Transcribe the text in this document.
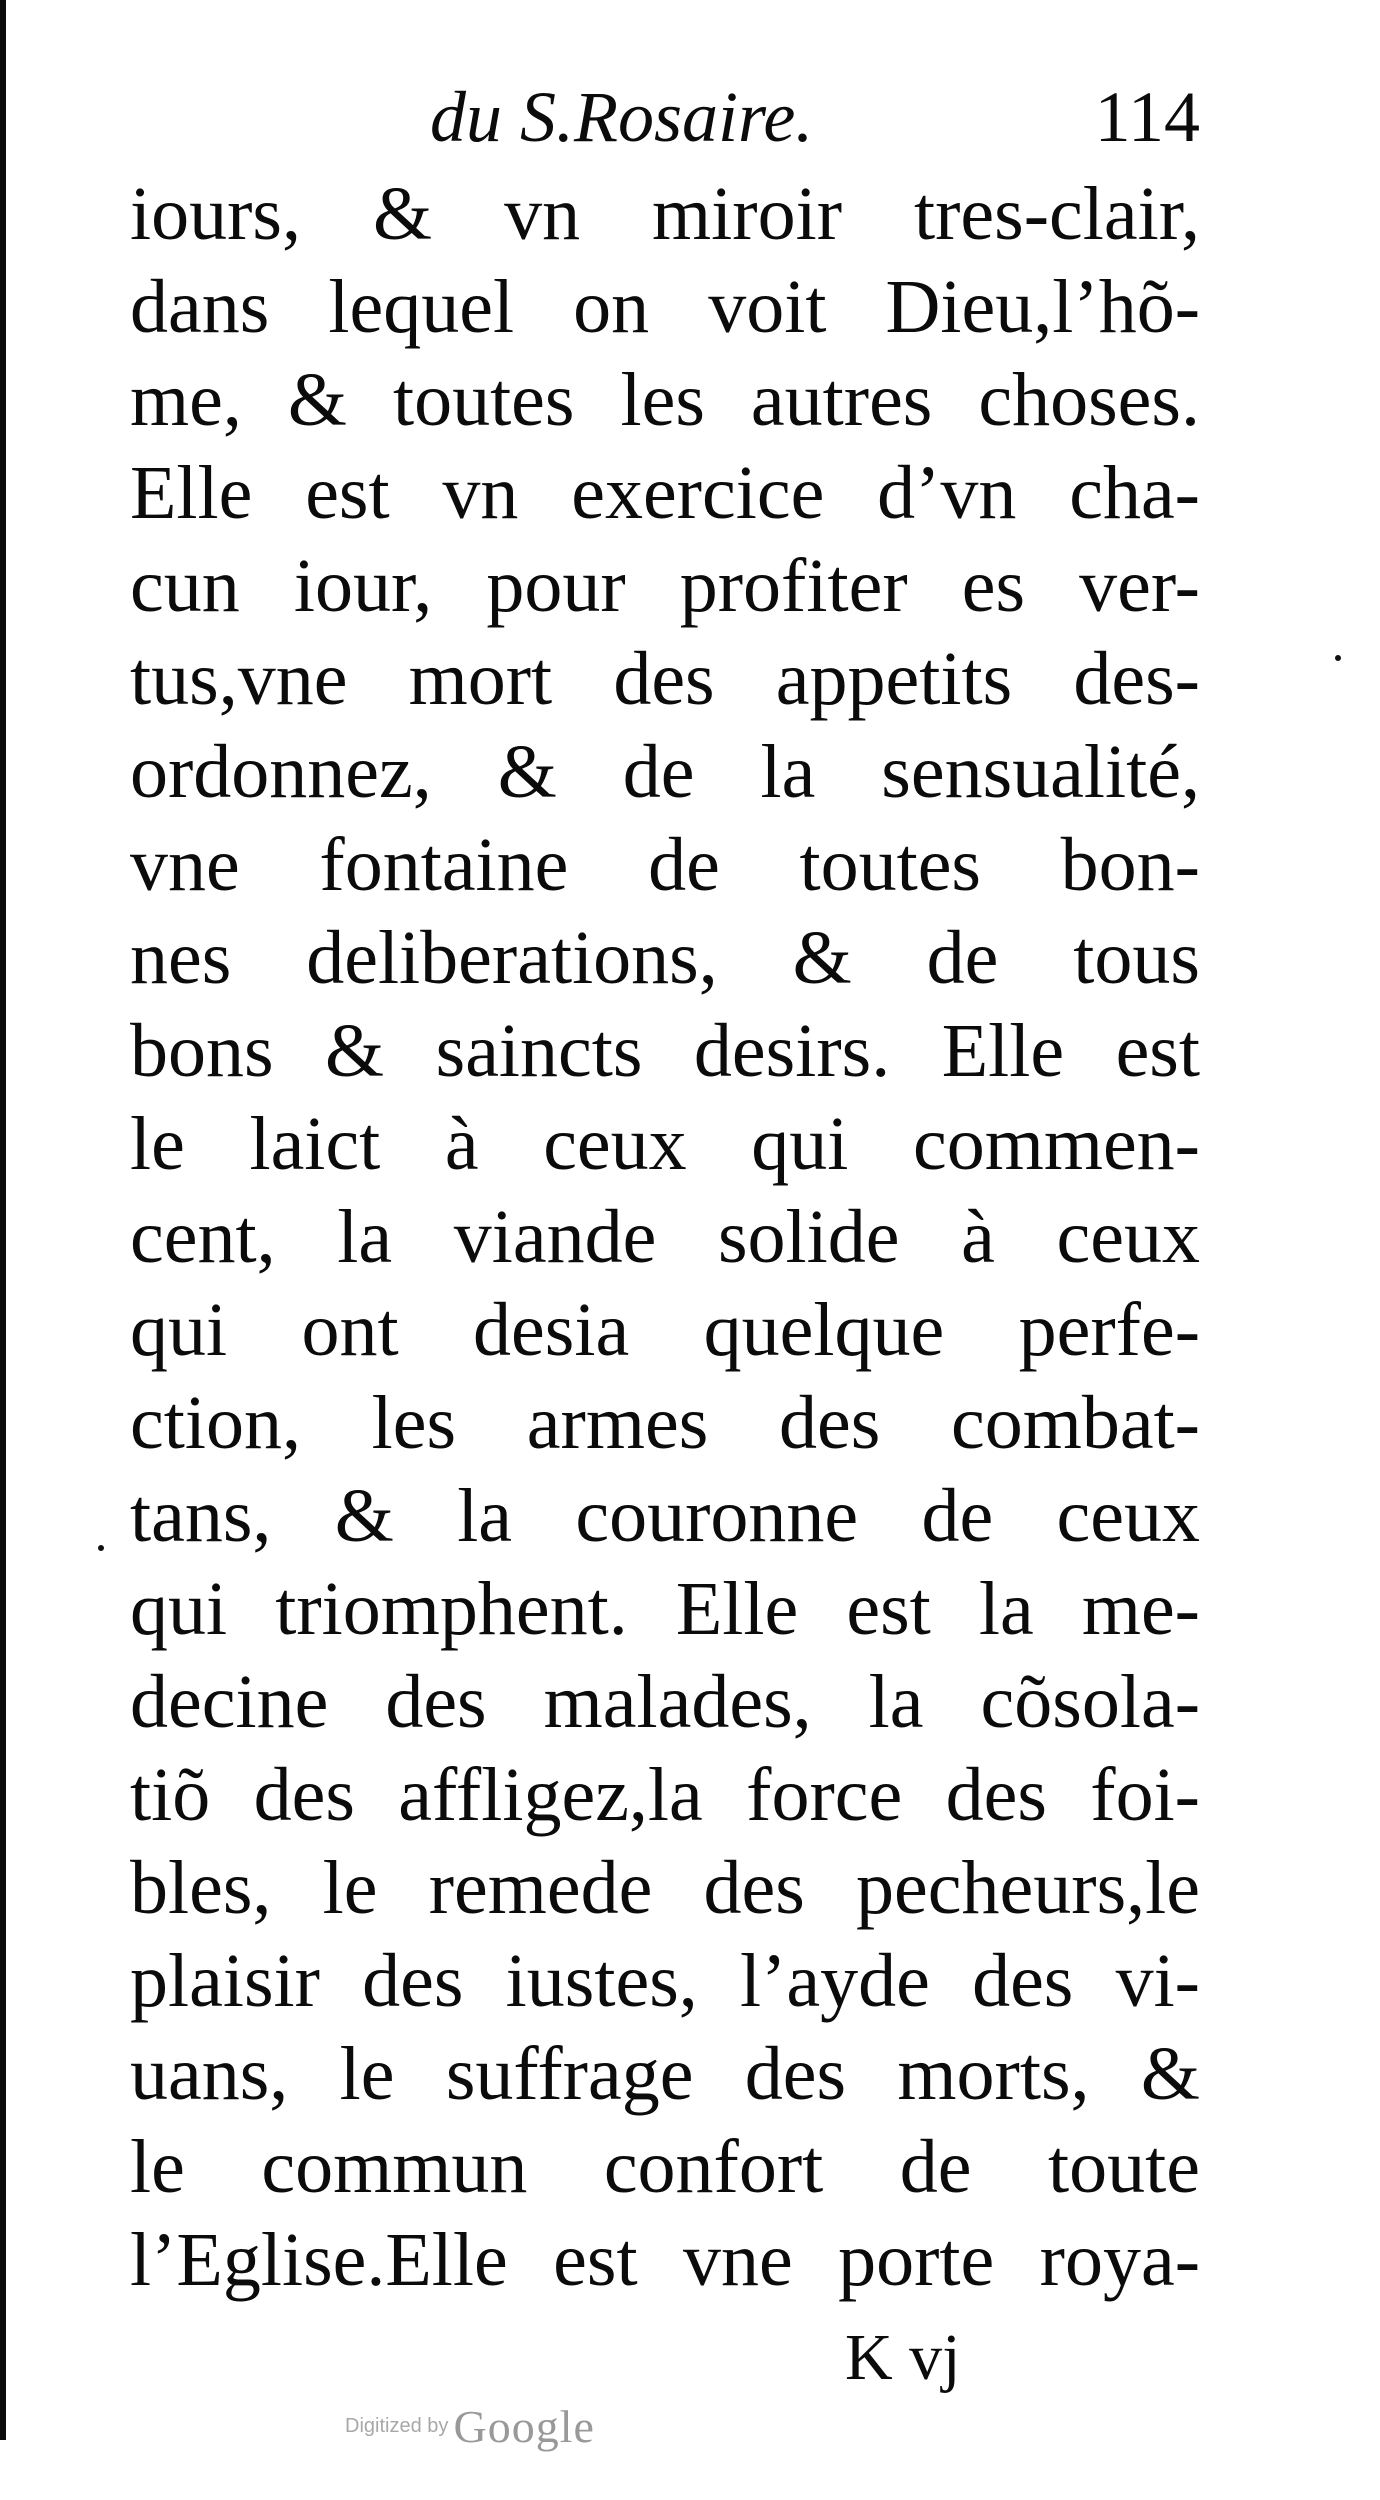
du S.Rosaire.	114
iours, & vn miroir tres-clair,
dans lequel on voit Dieu,l’hõ-
me, & toutes les autres choses.
Elle est vn exercice d’vn cha-
cun iour, pour profiter es ver-
tus,vne mort des appetits des-
ordonnez, & de la sensualité,
vne fontaine de toutes bon-
nes deliberations, & de tous
bons & saincts desirs. Elle est
le laict à ceux qui commen-
cent, la viande solide à ceux
qui ont desia quelque perfe-
ction, les armes des combat-
tans, & la couronne de ceux
qui triomphent. Elle est la me-
decine des malades, la cõsola-
tiõ des affligez,la force des foi-
bles, le remede des pecheurs,le
plaisir des iustes, l’ayde des vi-
uans, le suffrage des morts, &
le commun confort de toute
l’Eglise.Elle est vne porte roya-
K vj
Digitized by Google
